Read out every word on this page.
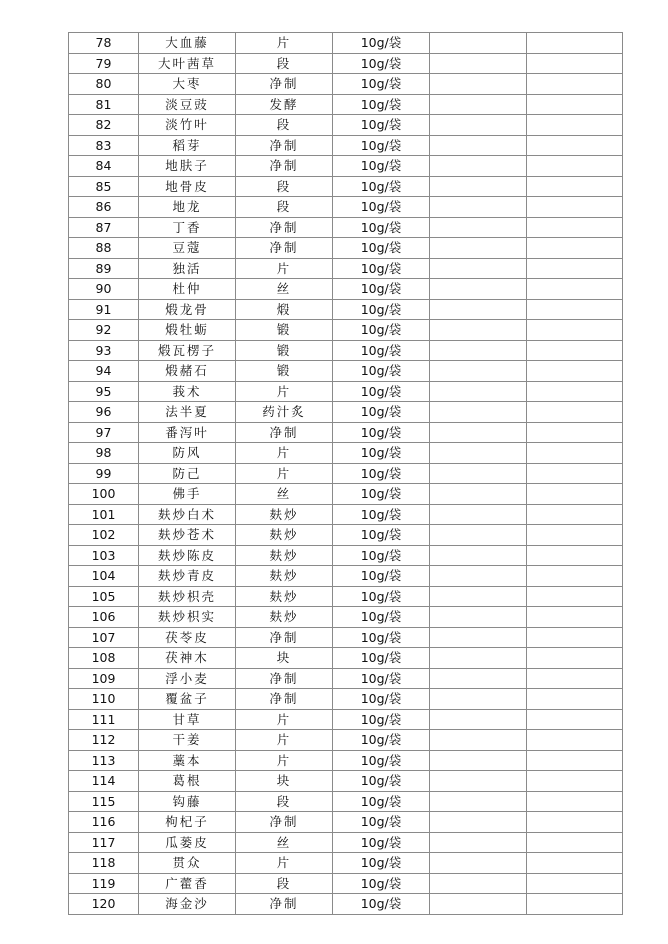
78	大血藤	片	10g/袋		
79	大叶茜草	段	10g/袋		
80	大枣	净制	10g/袋		
81	淡豆豉	发酵	10g/袋		
82	淡竹叶	段	10g/袋		
83	稻芽	净制	10g/袋		
84	地肤子	净制	10g/袋		
85	地骨皮	段	10g/袋		
86	地龙	段	10g/袋		
87	丁香	净制	10g/袋		
88	豆蔻	净制	10g/袋		
89	独活	片	10g/袋		
90	杜仲	丝	10g/袋		
91	煅龙骨	煅	10g/袋		
92	煅牡蛎	锻	10g/袋		
93	煅瓦楞子	锻	10g/袋		
94	煅赭石	锻	10g/袋		
95	莪术	片	10g/袋		
96	法半夏	药汁炙	10g/袋		
97	番泻叶	净制	10g/袋		
98	防风	片	10g/袋		
99	防己	片	10g/袋		
100	佛手	丝	10g/袋		
101	麸炒白术	麸炒	10g/袋		
102	麸炒苍术	麸炒	10g/袋		
103	麸炒陈皮	麸炒	10g/袋		
104	麸炒青皮	麸炒	10g/袋		
105	麸炒枳壳	麸炒	10g/袋		
106	麸炒枳实	麸炒	10g/袋		
107	茯苓皮	净制	10g/袋		
108	茯神木	块	10g/袋		
109	浮小麦	净制	10g/袋		
110	覆盆子	净制	10g/袋		
111	甘草	片	10g/袋		
112	干姜	片	10g/袋		
113	藁本	片	10g/袋		
114	葛根	块	10g/袋		
115	钩藤	段	10g/袋		
116	枸杞子	净制	10g/袋		
117	瓜蒌皮	丝	10g/袋		
118	贯众	片	10g/袋		
119	广藿香	段	10g/袋		
120	海金沙	净制	10g/袋		
